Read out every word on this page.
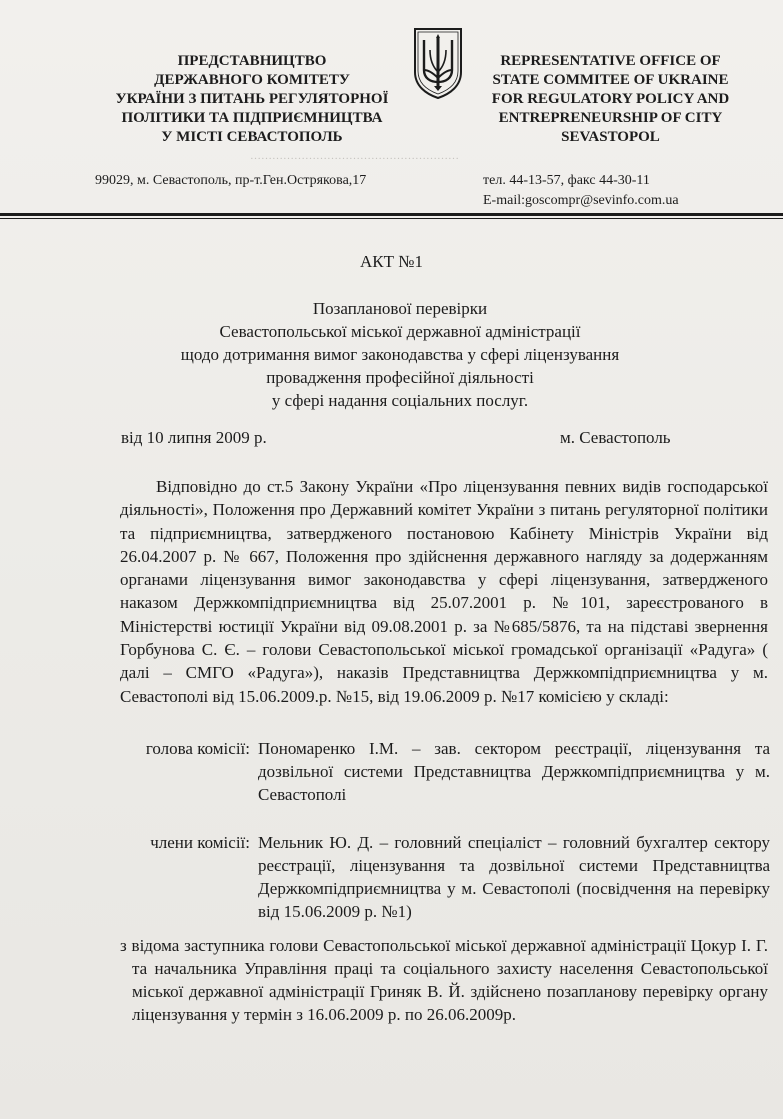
…………………………………………………
ПРЕДСТАВНИЦТВО
ДЕРЖАВНОГО КОМІТЕТУ
УКРАЇНИ З ПИТАНЬ РЕГУЛЯТОРНОЇ
ПОЛІТИКИ ТА ПІДПРИЄМНИЦТВА
У МІСТІ СЕВАСТОПОЛЬ
REPRESENTATIVE OFFICE OF
STATE COMMITEE OF UKRAINE
FOR REGULATORY POLICY AND
ENTREPRENEURSHIP OF CITY
SEVASTOPOL
99029, м. Севастополь, пр-т.Ген.Острякова,17	тел. 44-13-57, факс 44-30-11
E-mail:goscompr@sevinfo.com.ua
АКТ №1
Позапланової перевірки
Севастопольської міської державної адміністрації
щодо дотримання вимог законодавства у сфері ліцензування
провадження професійної діяльності
у сфері надання соціальних послуг.
від 10 липня 2009 р.	м. Севастополь
Відповідно до ст.5 Закону України «Про ліцензування певних видів господарської діяльності», Положення про Державний комітет України з питань регуляторної політики та підприємництва, затвердженого постановою Кабінету Міністрів України від 26.04.2007 р. № 667, Положення про здійснення державного нагляду за додержанням органами ліцензування вимог законодавства у сфері ліцензування, затвердженого наказом Держкомпідприємництва від 25.07.2001 р. №101, зареєстрованого в Міністерстві юстиції України від 09.08.2001 р. за №685/5876, та на підставі звернення Горбунова С. Є. – голови Севастопольської міської громадської організації «Радуга» ( далі – СМГО «Радуга»), наказів Представництва Держкомпідприємництва у м. Севастополі від 15.06.2009.р. №15, від 19.06.2009 р. №17 комісією у складі:
голова комісії: Пономаренко І.М. – зав. сектором реєстрації, ліцензування та дозвільної системи Представництва Держкомпідприємництва у м. Севастополі
члени комісії: Мельник Ю. Д. – головний спеціаліст – головний бухгалтер сектору реєстрації, ліцензування та дозвільної системи Представництва Держкомпідприємництва у м. Севастополі (посвідчення на перевірку від 15.06.2009 р. №1)
з відома заступника голови Севастопольської міської державної адміністрації Цокур І. Г. та начальника Управління праці та соціального захисту населення Севастопольської міської державної адміністрації Гриняк В. Й. здійснено позапланову перевірку органу ліцензування у термін з 16.06.2009 р. по 26.06.2009р.
